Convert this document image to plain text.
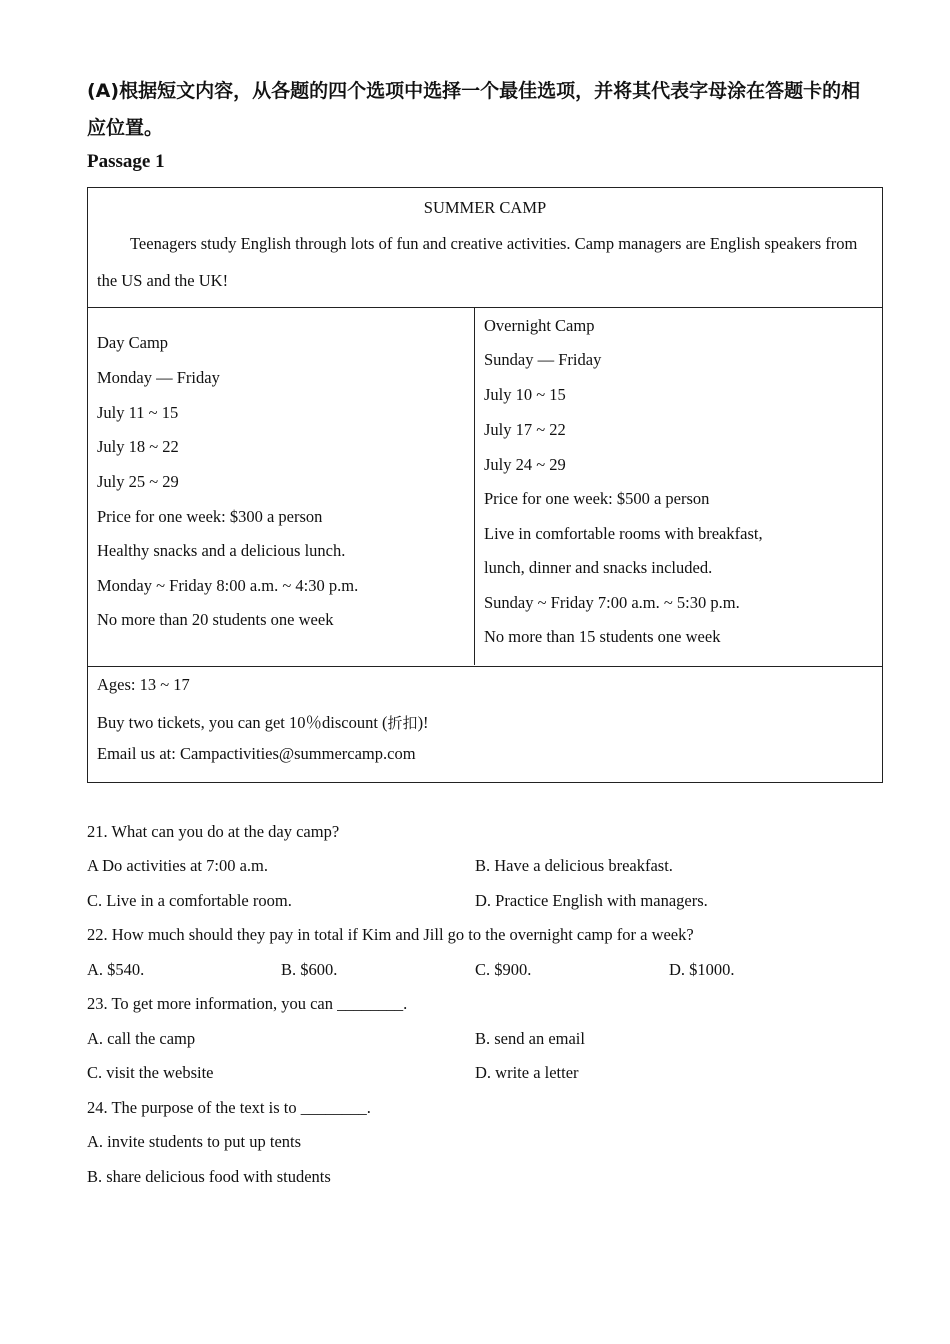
(A)根据短文内容，从各题的四个选项中选择一个最佳选项，并将其代表字母涂在答题卡的相应位置。
Passage 1
SUMMER CAMP
Teenagers study English through lots of fun and creative activities. Camp managers are English speakers from the US and the UK!
Day Camp
Monday — Friday
July 11 ~ 15
July 18 ~ 22
July 25 ~ 29
Price for one week: $300 a person
Healthy snacks and a delicious lunch.
Monday ~ Friday 8:00 a.m. ~ 4:30 p.m.
No more than 20 students one week
Overnight Camp
Sunday — Friday
July 10 ~ 15
July 17 ~ 22
July 24 ~ 29
Price for one week: $500 a person
Live in comfortable rooms with breakfast,
lunch, dinner and snacks included.
Sunday ~ Friday 7:00 a.m. ~ 5:30 p.m.
No more than 15 students one week
Ages: 13 ~ 17
Buy two tickets, you can get 10％discount (折扣)!
Email us at: Campactivities@summercamp.com
21. What can you do at the day camp?
A Do activities at 7:00 a.m.	B. Have a delicious breakfast.
C. Live in a comfortable room.	D. Practice English with managers.
22. How much should they pay in total if Kim and Jill go to the overnight camp for a week?
A. $540.	B. $600.	C. $900.	D. $1000.
23. To get more information, you can ________.
A. call the camp	B. send an email
C. visit the website	D. write a letter
24. The purpose of the text is to ________.
A. invite students to put up tents
B. share delicious food with students
